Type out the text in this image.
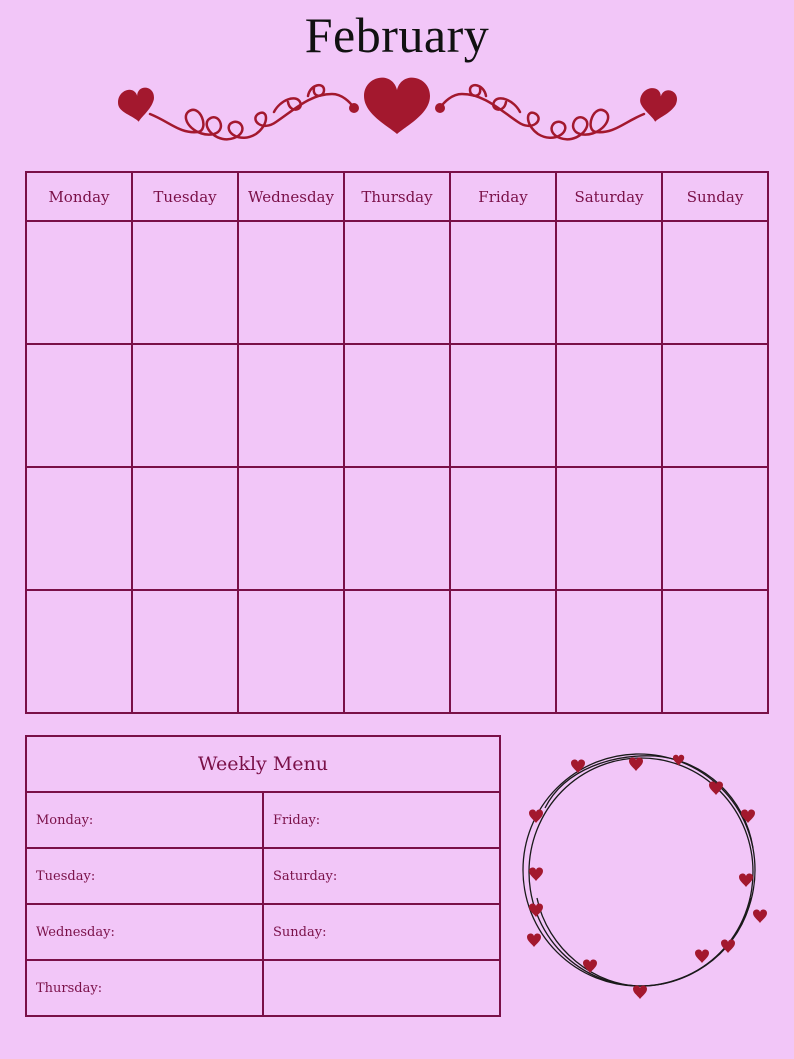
February
Monday	Tuesday	Wednesday	Thursday	Friday	Saturday	Sunday

Weekly Menu	
Monday:	Friday:
Tuesday:	Saturday:
Wednesday:	Sunday:
Thursday:	
